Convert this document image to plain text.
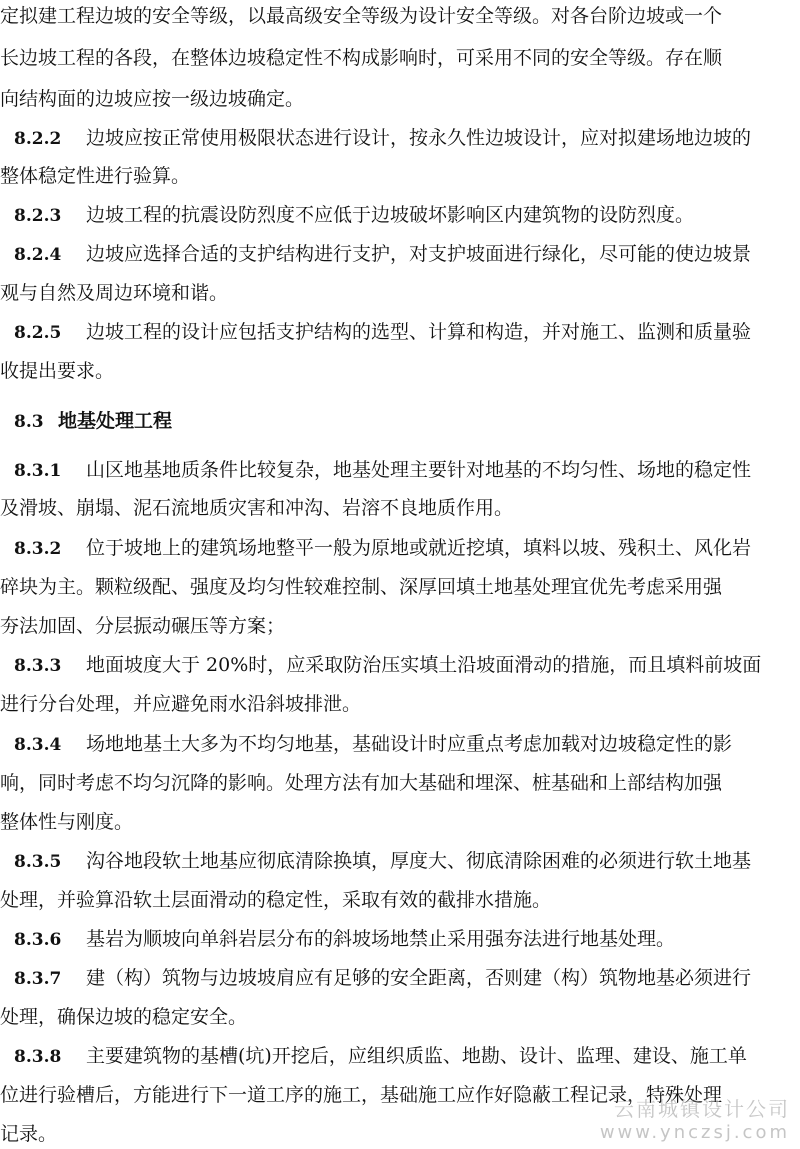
定拟建工程边坡的安全等级，以最高级安全等级为设计安全等级。对各台阶边坡或一个
长边坡工程的各段，在整体边坡稳定性不构成影响时，可采用不同的安全等级。存在顺
向结构面的边坡应按一级边坡确定。
8.2.2 边坡应按正常使用极限状态进行设计，按永久性边坡设计，应对拟建场地边坡的
整体稳定性进行验算。
8.2.3 边坡工程的抗震设防烈度不应低于边坡破坏影响区内建筑物的设防烈度。
8.2.4 边坡应选择合适的支护结构进行支护，对支护坡面进行绿化，尽可能的使边坡景
观与自然及周边环境和谐。
8.2.5 边坡工程的设计应包括支护结构的选型、计算和构造，并对施工、监测和质量验
收提出要求。
8.3 地基处理工程
8.3.1 山区地基地质条件比较复杂，地基处理主要针对地基的不均匀性、场地的稳定性
及滑坡、崩塌、泥石流地质灾害和冲沟、岩溶不良地质作用。
8.3.2 位于坡地上的建筑场地整平一般为原地或就近挖填，填料以坡、残积土、风化岩
碎块为主。颗粒级配、强度及均匀性较难控制、深厚回填土地基处理宜优先考虑采用强
夯法加固、分层振动碾压等方案；
8.3.3 地面坡度大于 20%时，应采取防治压实填土沿坡面滑动的措施，而且填料前坡面
进行分台处理，并应避免雨水沿斜坡排泄。
8.3.4 场地地基土大多为不均匀地基，基础设计时应重点考虑加载对边坡稳定性的影
响，同时考虑不均匀沉降的影响。处理方法有加大基础和埋深、桩基础和上部结构加强
整体性与刚度。
8.3.5 沟谷地段软土地基应彻底清除换填，厚度大、彻底清除困难的必须进行软土地基
处理，并验算沿软土层面滑动的稳定性，采取有效的截排水措施。
8.3.6 基岩为顺坡向单斜岩层分布的斜坡场地禁止采用强夯法进行地基处理。
8.3.7 建（构）筑物与边坡坡肩应有足够的安全距离，否则建（构）筑物地基必须进行
处理，确保边坡的稳定安全。
8.3.8 主要建筑物的基槽(坑)开挖后，应组织质监、地勘、设计、监理、建设、施工单
位进行验槽后，方能进行下一道工序的施工，基础施工应作好隐蔽工程记录，特殊处理
记录。
云南城镇设计公司
www.ynczsj.com
